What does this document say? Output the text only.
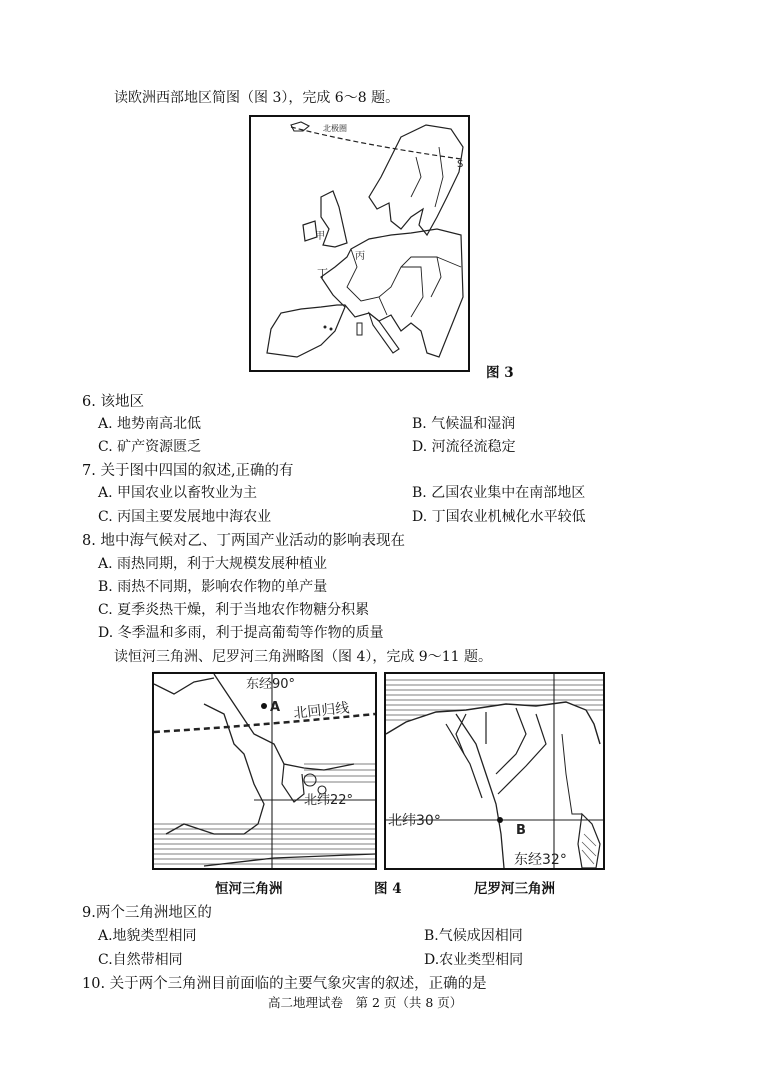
读欧洲西部地区简图（图 3），完成 6～8 题。
北极圈
S
甲
丙
丁
图 3
6. 该地区
A. 地势南高北低	B. 气候温和湿润
C. 矿产资源匮乏	D. 河流径流稳定
7. 关于图中四国的叙述,正确的有
A. 甲国农业以畜牧业为主	B. 乙国农业集中在南部地区
C. 丙国主要发展地中海农业	D. 丁国农业机械化水平较低
8. 地中海气候对乙、丁两国产业活动的影响表现在
A. 雨热同期，利于大规模发展种植业
B. 雨热不同期，影响农作物的单产量
C. 夏季炎热干燥，利于当地农作物糖分积累
D. 冬季温和多雨，利于提高葡萄等作物的质量
读恒河三角洲、尼罗河三角洲略图（图 4），完成 9～11 题。
东经90°
A 北回归线
北纬22°
北纬30°
B
东经32°
恒河三角洲	图 4	尼罗河三角洲
9.两个三角洲地区的
A.地貌类型相同	B.气候成因相同
C.自然带相同	D.农业类型相同
10. 关于两个三角洲目前面临的主要气象灾害的叙述，正确的是
高二地理试卷　第 2 页（共 8 页）
